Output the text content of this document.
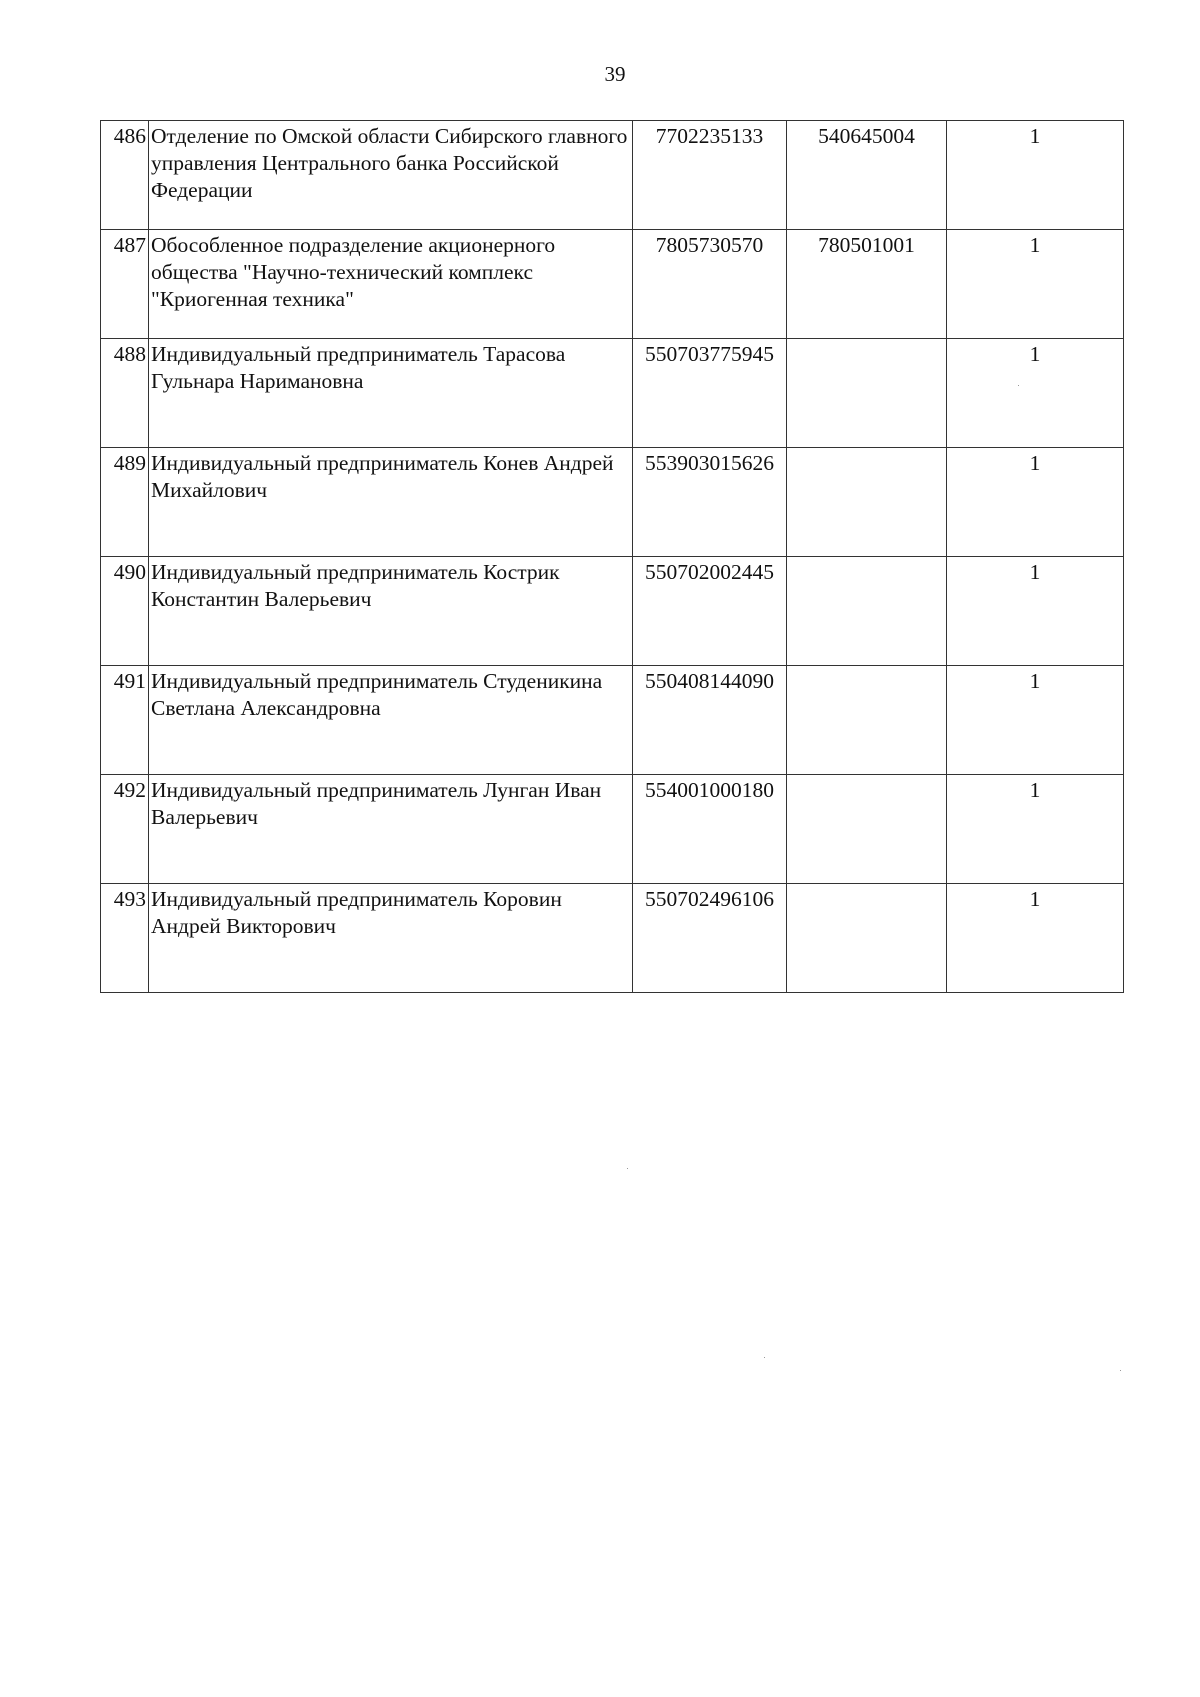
39
486	Отделение по Омской области Сибирского главного управления Центрального банка Российской Федерации	7702235133	540645004	1
487	Обособленное подразделение акционерного общества "Научно-технический комплекс "Криогенная техника"	7805730570	780501001	1
488	Индивидуальный предприниматель Тарасова Гульнара Наримановна	550703775945		1
489	Индивидуальный предприниматель Конев Андрей Михайлович	553903015626		1
490	Индивидуальный предприниматель Кострик Константин Валерьевич	550702002445		1
491	Индивидуальный предприниматель Студеникина Светлана Александровна	550408144090		1
492	Индивидуальный предприниматель Лунган Иван Валерьевич	554001000180		1
493	Индивидуальный предприниматель Коровин Андрей Викторович	550702496106		1
